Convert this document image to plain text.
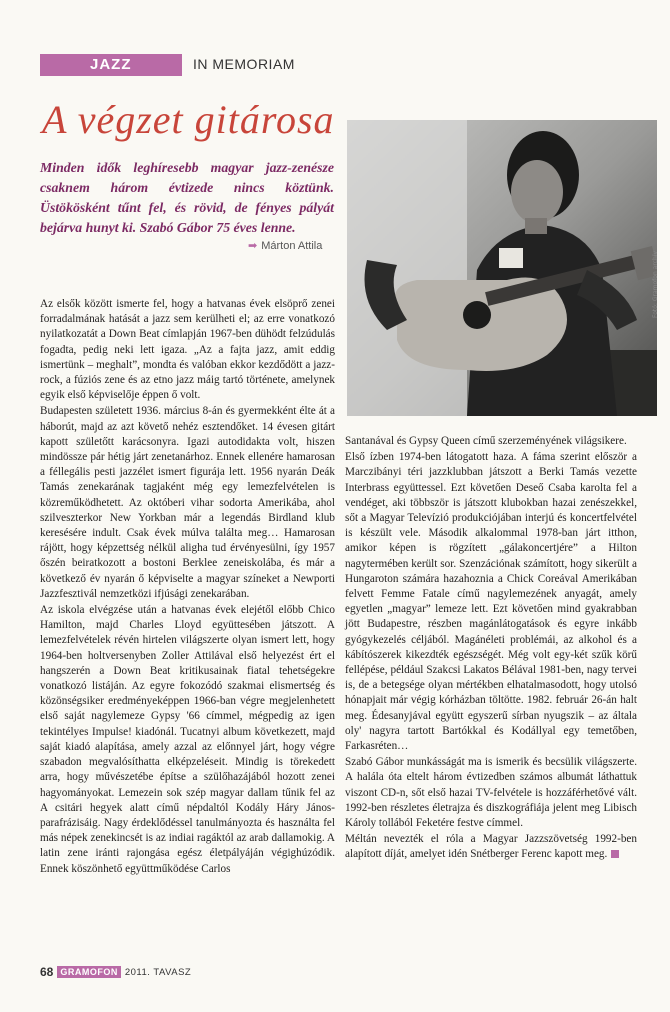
JAZZ	IN MEMORIAM
A végzet gitárosa
Minden idők leghíresebb magyar jazz-zenésze csaknem három évtizede nincs köztünk. Üstökösként tűnt fel, és rövid, de fényes pályát bejárva hunyt ki. Szabó Gábor 75 éves lenne.
➡ Márton Attila
Fotó: Gramofon archív

Az elsők között ismerte fel, hogy a hatvanas évek elsöprő zenei forradalmának hatását a jazz sem kerülheti el; az erre vonatkozó nyilatkozatát a Down Beat címlapján 1967-ben dühödt felzúdulás fogadta, pedig neki lett igaza. „Az a fajta jazz, amit eddig ismertünk – meghalt”, mondta és valóban ekkor kezdődött a jazz-rock, a fúziós zene és az etno jazz máig tartó története, amelynek egyik első képviselője éppen ő volt.

Budapesten született 1936. március 8-án és gyermekként élte át a háborút, majd az azt követő nehéz esztendőket. 14 évesen gitárt kapott születőtt karácsonyra. Igazi autodidakta volt, hiszen mindössze pár hétig járt zenetanárhoz. Ennek ellenére hamarosan a féllegális pesti jazzélet ismert figurája lett. 1956 nyarán Deák Tamás zenekarának tagjaként még egy lemezfelvételen is közreműködhetett. Az októberi vihar sodorta Amerikába, ahol szilveszterkor New Yorkban már a legendás Birdland klub keresésére indult. Csak évek múlva találta meg… Hamarosan rájött, hogy képzettség nélkül aligha tud érvényesülni, így 1957 őszén beiratkozott a bostoni Berklee zeneiskolába, és már a következő év nyarán ő képviselte a magyar színeket a Newporti Jazzfesztivál nemzetközi ifjúsági zenekarában.

Az iskola elvégzése után a hatvanas évek elejétől előbb Chico Hamilton, majd Charles Lloyd együttesében játszott. A lemezfelvételek révén hirtelen világszerte olyan ismert lett, hogy 1964-ben holtversenyben Zoller Attilával első helyezést ért el hangszerén a Down Beat kritikusainak fiatal tehetségekre vonatkozó listáján. Az egyre fokozódó szakmai elismertség és közönségsiker eredményeképpen 1966-ban végre megjelenhetett első saját nagylemeze Gypsy '66 címmel, mégpedig az igen tekintélyes Impulse! kiadónál. Tucatnyi album következett, majd saját kiadó alapítása, amely azzal az előnnyel járt, hogy végre szabadon megvalósíthatta elképzeléseit. Mindig is törekedett arra, hogy művészetébe építse a szülőhazájából hozott zenei hagyományokat. Lemezein sok szép magyar dallam tűnik fel az A csitári hegyek alatt című népdaltól Kodály Háry János-parafrázisáig. Nagy érdeklődéssel tanulmányozta és használta fel más népek zenekincsét is az indiai ragáktól az arab dallamokig. A latin zene iránti rajongása egész életpályáján végighúzódik. Ennek köszönhető együttműködése Carlos

Santanával és Gypsy Queen című szerzeményének világsikere.

Első ízben 1974-ben látogatott haza. A fáma szerint először a Marczibányi téri jazzklubban játszott a Berki Tamás vezette Interbrass együttessel. Ezt követően Deseő Csaba karolta fel a vendéget, aki többször is játszott klubokban hazai zenészekkel, sőt a Magyar Televízió produkciójában interjú és koncertfelvétel is készült vele. Második alkalommal 1978-ban járt itthon, amikor képen is rögzített „gálakoncertjére” a Hilton nagytermében került sor. Szenzációnak számított, hogy sikerült a Hungaroton számára hazahoznia a Chick Coreával Amerikában felvett Femme Fatale című nagylemezének anyagát, amely egyetlen „magyar” lemeze lett. Ezt követően mind gyakrabban jött Budapestre, részben magánlátogatások és egyre inkább gyógykezelés céljából. Magánéleti problémái, az alkohol és a kábítószerek kikezdték egészségét. Még volt egy-két szűk körű fellépése, például Szakcsi Lakatos Bélával 1981-ben, nagy tervei is, de a betegsége olyan mértékben elhatalmasodott, hogy utolsó hónapjait már végig kórházban töltötte. 1982. február 26-án halt meg. Édesanyjával együtt egyszerű sírban nyugszik – az általa oly' nagyra tartott Bartókkal és Kodállyal egy temetőben, Farkasréten…

Szabó Gábor munkásságát ma is ismerik és becsülik világszerte. A halála óta eltelt három évtizedben számos albumát láthattuk viszont CD-n, sőt első hazai TV-felvétele is hozzáférhetővé vált. 1992-ben részletes életrajza és diszkográfiája jelent meg Libisch Károly tollából Feketére festve címmel.

Méltán nevezték el róla a Magyar Jazzszövetség 1992-ben alapított díját, amelyet idén Snétberger Ferenc kapott meg.

68 GRAMOFON 2011. TAVASZ
